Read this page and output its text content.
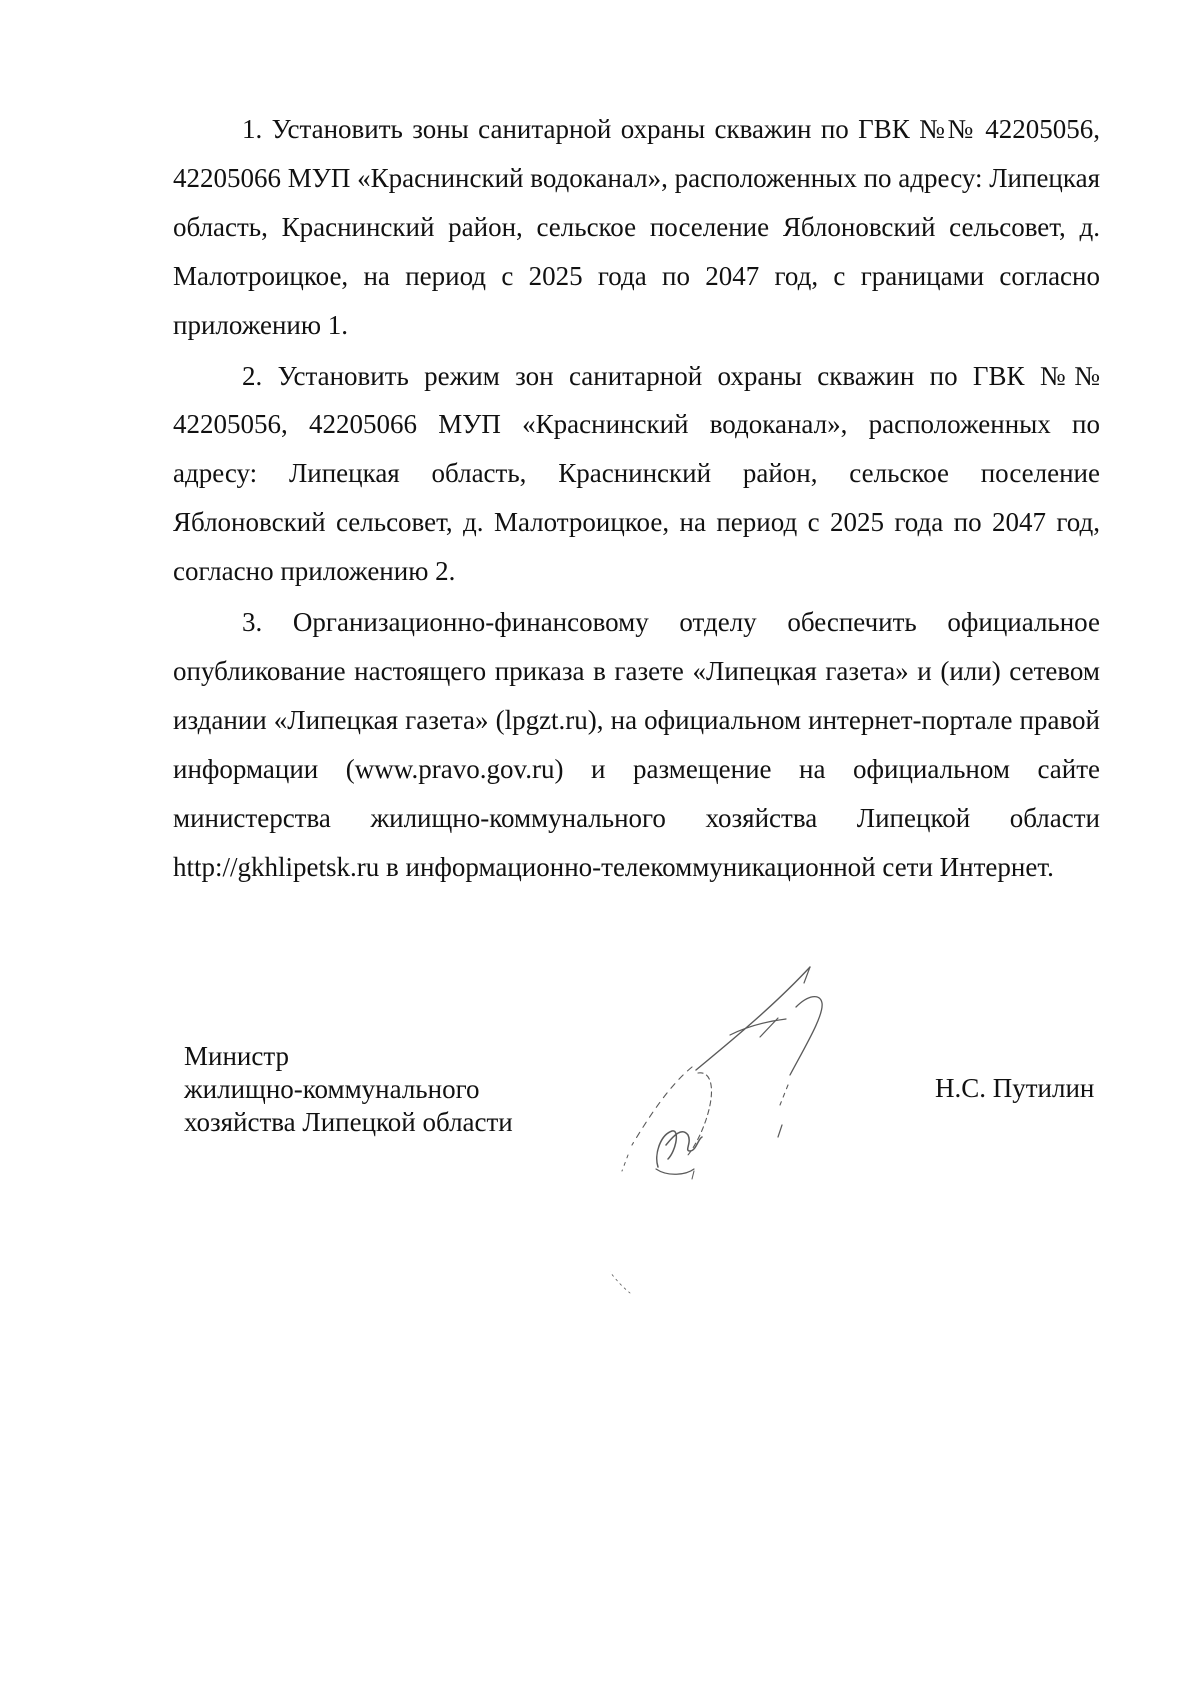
1. Установить зоны санитарной охраны скважин по ГВК №№ 42205056, 42205066 МУП «Краснинский водоканал», расположенных по адресу: Липецкая область, Краснинский район, сельское поселение Яблоновский сельсовет, д. Малотроицкое, на период с 2025 года по 2047 год, с границами согласно приложению 1.

2. Установить режим зон санитарной охраны скважин по ГВК №№ 42205056, 42205066 МУП «Краснинский водоканал», расположенных по адресу: Липецкая область, Краснинский район, сельское поселение Яблоновский сельсовет, д. Малотроицкое, на период с 2025 года по 2047 год, согласно приложению 2.

3. Организационно-финансовому отделу обеспечить официальное опубликование настоящего приказа в газете «Липецкая газета» и (или) сетевом издании «Липецкая газета» (lpgzt.ru), на официальном интернет-портале правой информации (www.pravo.gov.ru) и размещение на официальном сайте министерства жилищно-коммунального хозяйства Липецкой области http://gkhlipetsk.ru в информационно-телекоммуникационной сети Интернет.

Министр
жилищно-коммунального
хозяйства Липецкой области
Н.С. Путилин
